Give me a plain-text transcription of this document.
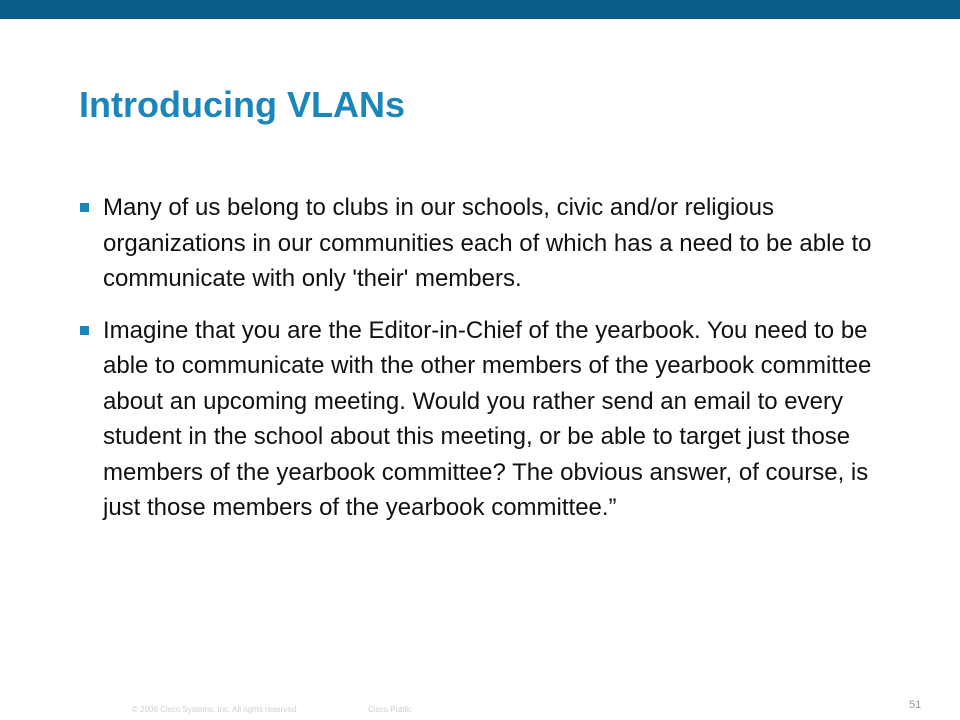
Introducing VLANs
Many of us belong to clubs in our schools, civic and/or religious organizations in our communities each of which has a need to be able to communicate with only 'their' members.
Imagine that you are the Editor-in-Chief of the yearbook. You need to be able to communicate with the other members of the yearbook committee about an upcoming meeting. Would you rather send an email to every student in the school about this meeting, or be able to target just those members of the yearbook committee? The obvious answer, of course, is just those members of the yearbook committee.”
© 2006 Cisco Systems, Inc. All rights reserved.	Cisco Public	51
